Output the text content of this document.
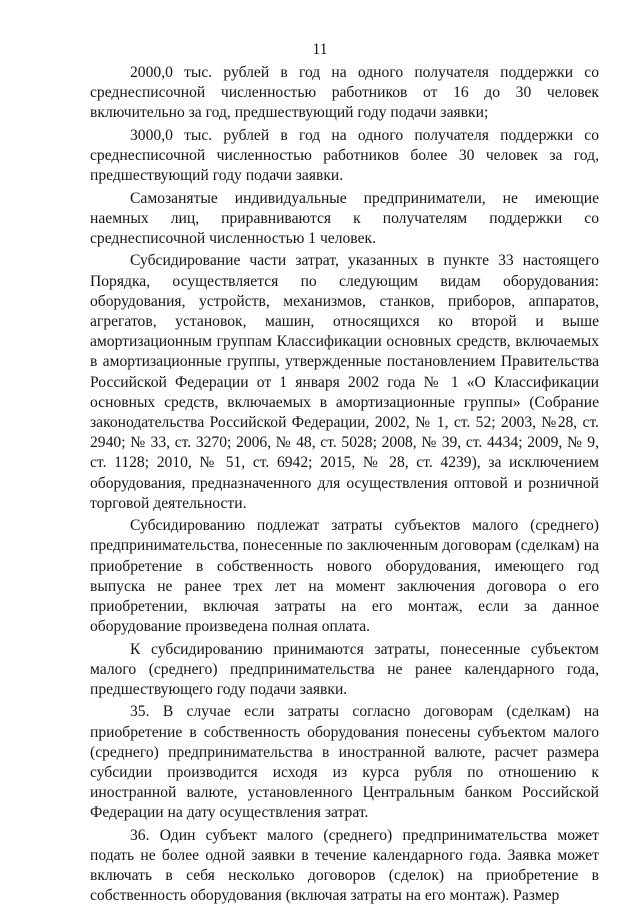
11

2000,0 тыс. рублей в год на одного получателя поддержки со среднесписочной численностью работников от 16 до 30 человек включительно за год, предшествующий году подачи заявки;

3000,0 тыс. рублей в год на одного получателя поддержки со среднесписочной численностью работников более 30 человек за год, предшествующий году подачи заявки.

Самозанятые индивидуальные предприниматели, не имеющие наемных лиц, приравниваются к получателям поддержки со среднесписочной численностью 1 человек.

Субсидирование части затрат, указанных в пункте 33 настоящего Порядка, осуществляется по следующим видам оборудования: оборудования, устройств, механизмов, станков, приборов, аппаратов, агрегатов, установок, машин, относящихся ко второй и выше амортизационным группам Классификации основных средств, включаемых в амортизационные группы, утвержденные постановлением Правительства Российской Федерации от 1 января 2002 года № 1 «О Классификации основных средств, включаемых в амортизационные группы» (Собрание законодательства Российской Федерации, 2002, № 1, ст. 52; 2003, №28, ст. 2940; № 33, ст. 3270; 2006, № 48, ст. 5028; 2008, № 39, ст. 4434; 2009, № 9, ст. 1128; 2010, № 51, ст. 6942; 2015, № 28, ст. 4239), за исключением оборудования, предназначенного для осуществления оптовой и розничной торговой деятельности.

Субсидированию подлежат затраты субъектов малого (среднего) предпринимательства, понесенные по заключенным договорам (сделкам) на приобретение в собственность нового оборудования, имеющего год выпуска не ранее трех лет на момент заключения договора о его приобретении, включая затраты на его монтаж, если за данное оборудование произведена полная оплата.

К субсидированию принимаются затраты, понесенные субъектом малого (среднего) предпринимательства не ранее календарного года, предшествующего году подачи заявки.

35. В случае если затраты согласно договорам (сделкам) на приобретение в собственность оборудования понесены субъектом малого (среднего) предпринимательства в иностранной валюте, расчет размера субсидии производится исходя из курса рубля по отношению к иностранной валюте, установленного Центральным банком Российской Федерации на дату осуществления затрат.

36. Один субъект малого (среднего) предпринимательства может подать не более одной заявки в течение календарного года. Заявка может включать в себя несколько договоров (сделок) на приобретение в собственность оборудования (включая затраты на его монтаж). Размер
